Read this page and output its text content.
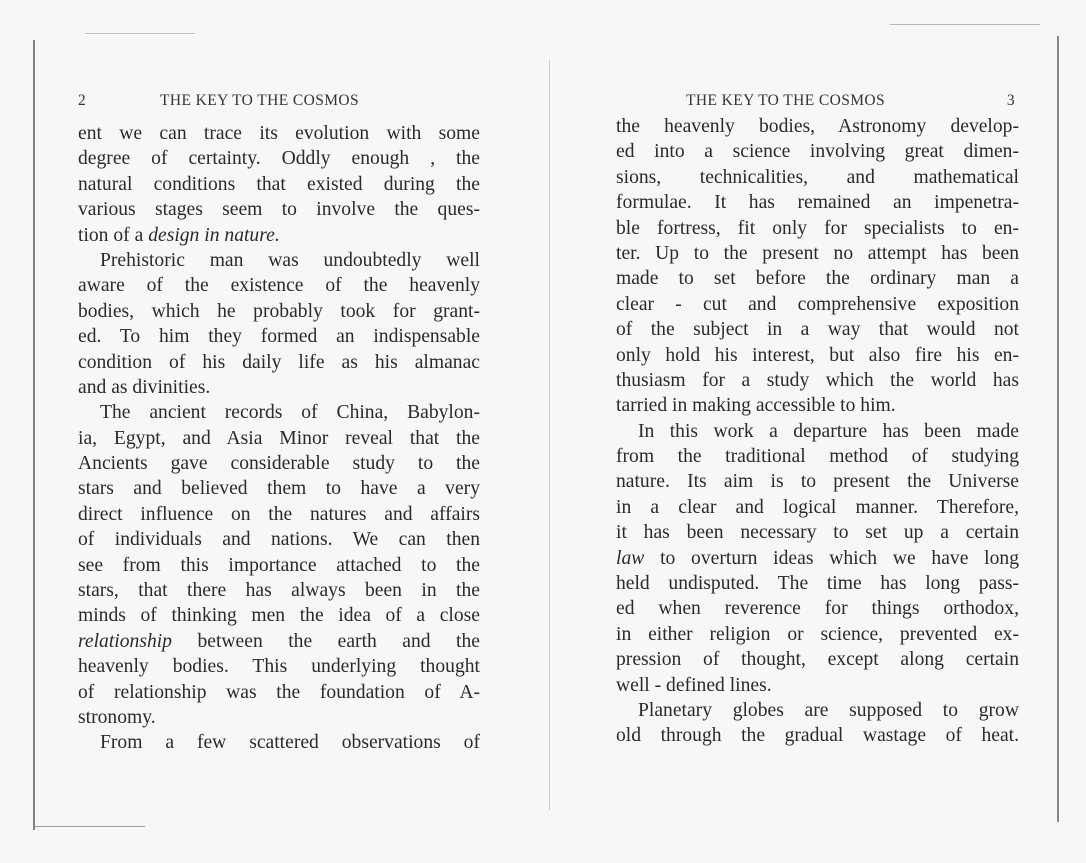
2	THE KEY TO THE COSMOS
ent we can trace its evolution with some
degree of certainty. Oddly enough , the
natural conditions that existed during the
various stages seem to involve the ques-
tion of a design in nature.
Prehistoric man was undoubtedly well
aware of the existence of the heavenly
bodies, which he probably took for grant-
ed. To him they formed an indispensable
condition of his daily life as his almanac
and as divinities.
The ancient records of China, Babylon-
ia, Egypt, and Asia Minor reveal that the
Ancients gave considerable study to the
stars and believed them to have a very
direct influence on the natures and affairs
of individuals and nations. We can then
see from this importance attached to the
stars, that there has always been in the
minds of thinking men the idea of a close
relationship between the earth and the
heavenly bodies. This underlying thought
of relationship was the foundation of A-
stronomy.
From a few scattered observations of
THE KEY TO THE COSMOS	3
the heavenly bodies, Astronomy develop-
ed into a science involving great dimen-
sions, technicalities, and mathematical
formulae. It has remained an impenetra-
ble fortress, fit only for specialists to en-
ter. Up to the present no attempt has been
made to set before the ordinary man a
clear - cut and comprehensive exposition
of the subject in a way that would not
only hold his interest, but also fire his en-
thusiasm for a study which the world has
tarried in making accessible to him.
In this work a departure has been made
from the traditional method of studying
nature. Its aim is to present the Universe
in a clear and logical manner. Therefore,
it has been necessary to set up a certain
law to overturn ideas which we have long
held undisputed. The time has long pass-
ed when reverence for things orthodox,
in either religion or science, prevented ex-
pression of thought, except along certain
well - defined lines.
Planetary globes are supposed to grow
old through the gradual wastage of heat.
